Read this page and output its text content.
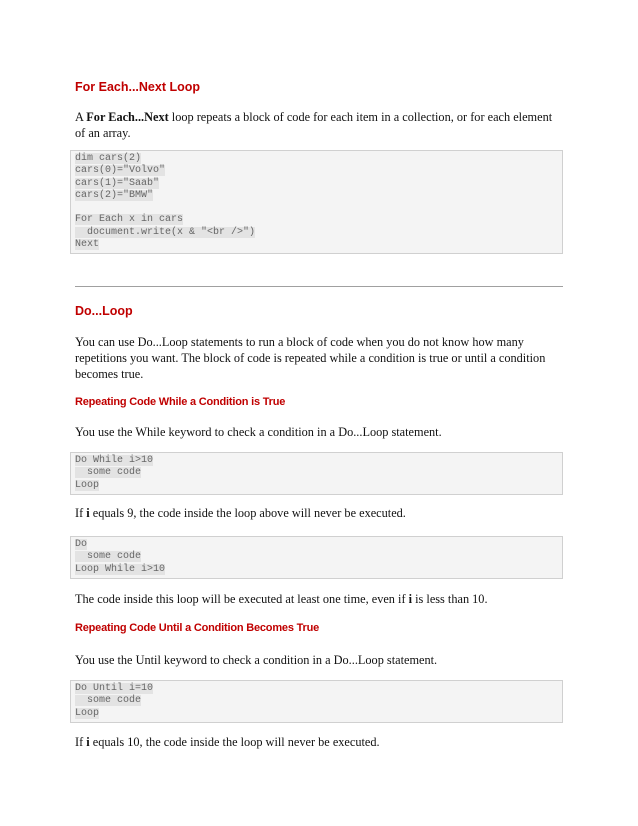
For Each...Next Loop

A For Each...Next loop repeats a block of code for each item in a collection, or for each element of an array.

dim cars(2)
cars(0)="Volvo"
cars(1)="Saab"
cars(2)="BMW"
For Each x in cars
document.write(x & "<br />")
Next
Do...Loop

You can use Do...Loop statements to run a block of code when you do not know how many repetitions you want. The block of code is repeated while a condition is true or until a condition becomes true.

Repeating Code While a Condition is True

You use the While keyword to check a condition in a Do...Loop statement.

Do While i>10
some code
Loop

If i equals 9, the code inside the loop above will never be executed.

Do
some code
Loop While i>10

The code inside this loop will be executed at least one time, even if i is less than 10.

Repeating Code Until a Condition Becomes True

You use the Until keyword to check a condition in a Do...Loop statement.

Do Until i=10
some code
Loop

If i equals 10, the code inside the loop will never be executed.
